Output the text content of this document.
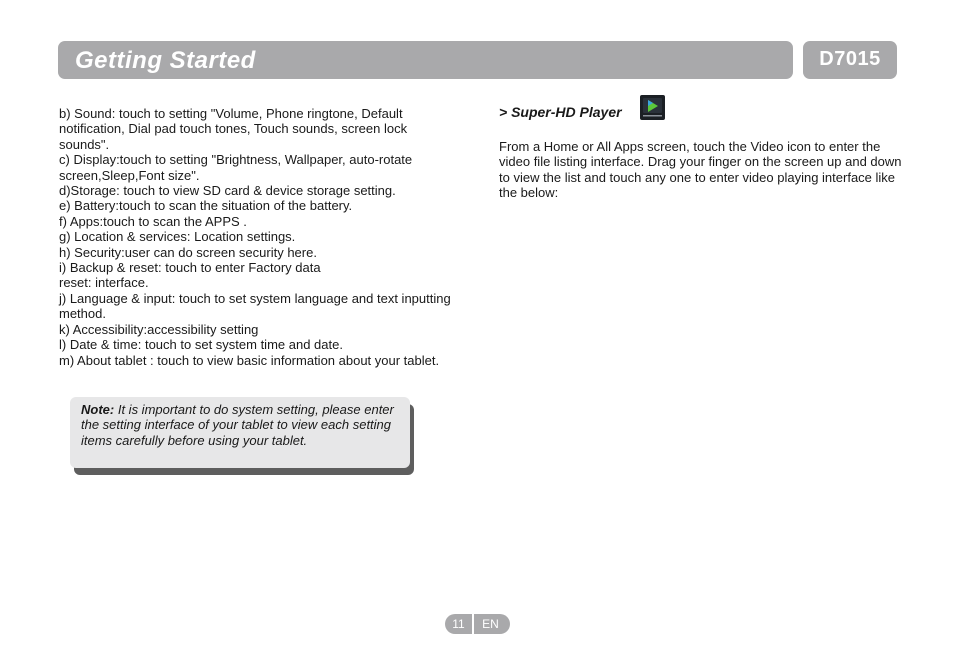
Getting Started	D7015

b) Sound: touch to setting "Volume, Phone ringtone, Default notification, Dial pad touch tones, Touch sounds, screen lock sounds".

c) Display:touch to setting "Brightness, Wallpaper, auto-rotate screen,Sleep,Font size".

d)Storage: touch to view SD card & device storage setting.

e) Battery:touch to scan the situation of the battery.

f) Apps:touch to scan the APPS .

g) Location & services: Location settings.

h) Security:user can do screen security here.

i) Backup & reset: touch to enter Factory data

reset: interface.

j) Language & input: touch to set system language and text inputting method.

k) Accessibility:accessibility setting

l) Date & time: touch to set system time and date.

m) About tablet : touch to view basic information about your tablet.

Note: It is important to do system setting, please enter the setting interface of your tablet to view each setting items carefully before using your tablet.
> Super-HD Player

From a Home or All Apps screen, touch the Video icon to enter the video file listing interface. Drag your finger on the screen up and down to view the list and touch any one to enter video playing interface like the below:

11	EN
